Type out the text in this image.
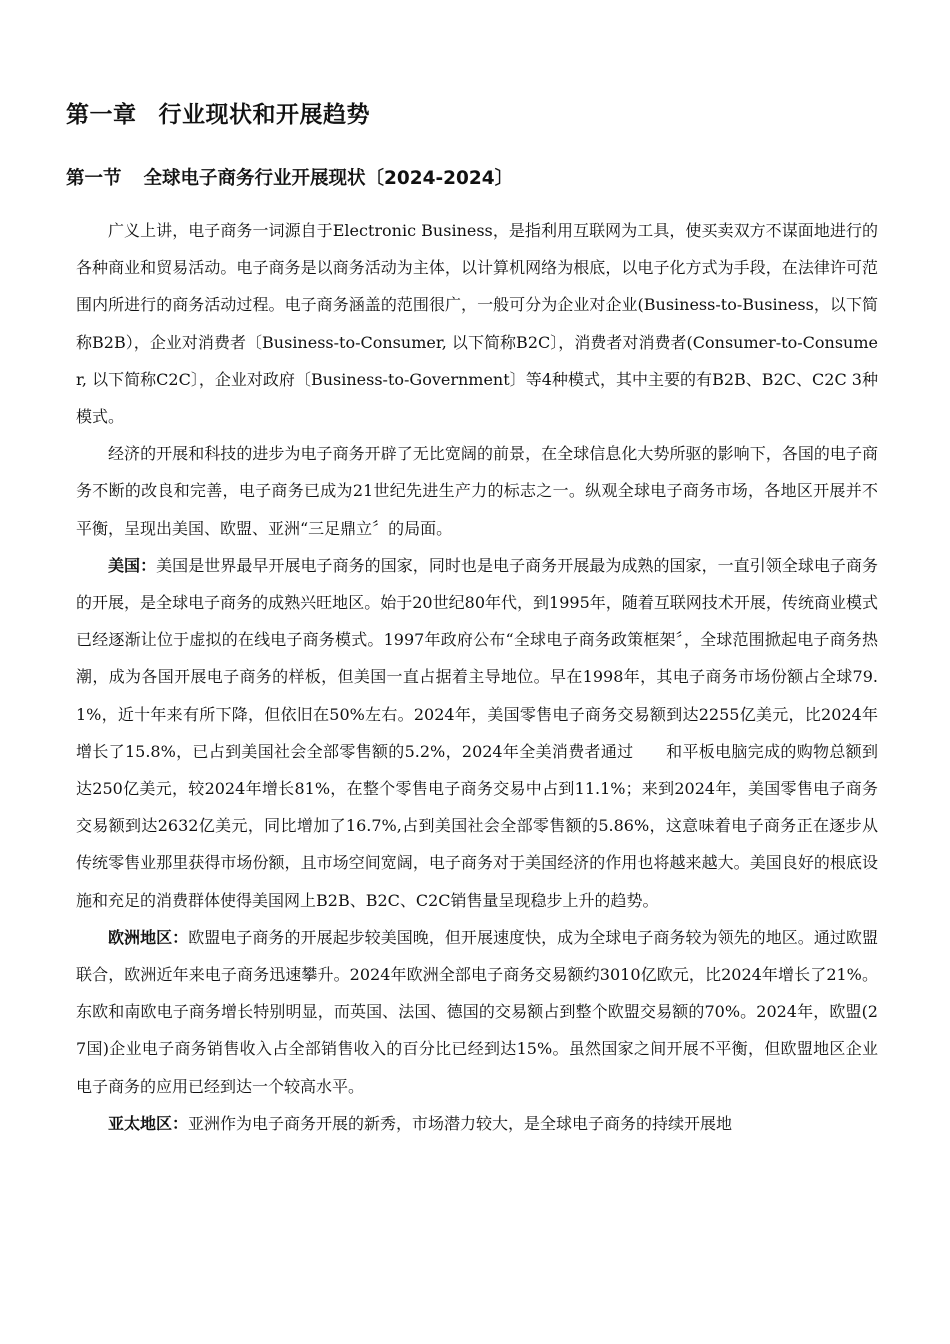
第一章 行业现状和开展趋势
第一节 全球电子商务行业开展现状〔2024-2024〕

广义上讲，电子商务一词源自于Electronic Business，是指利用互联网为工具，使买卖双方不谋面地进行的各种商业和贸易活动。电子商务是以商务活动为主体，以计算机网络为根底，以电子化方式为手段，在法律许可范围内所进行的商务活动过程。电子商务涵盖的范围很广，一般可分为企业对企业(Business-to-Business，以下简称B2B），企业对消费者〔Business-to-Consumer, 以下简称B2C〕，消费者对消费者(Consumer-to-Consumer, 以下简称C2C〕，企业对政府〔Business-to-Government〕等4种模式，其中主要的有B2B、B2C、C2C 3种模式。

经济的开展和科技的进步为电子商务开辟了无比宽阔的前景，在全球信息化大势所驱的影响下，各国的电子商务不断的改良和完善，电子商务已成为21世纪先进生产力的标志之一。纵观全球电子商务市场，各地区开展并不平衡，呈现出美国、欧盟、亚洲“三足鼎立〞的局面。

美国：美国是世界最早开展电子商务的国家，同时也是电子商务开展最为成熟的国家，一直引领全球电子商务的开展，是全球电子商务的成熟兴旺地区。始于20世纪80年代，到1995年，随着互联网技术开展，传统商业模式已经逐渐让位于虚拟的在线电子商务模式。1997年政府公布“全球电子商务政策框架〞，全球范围掀起电子商务热潮，成为各国开展电子商务的样板，但美国一直占据着主导地位。早在1998年，其电子商务市场份额占全球79.1%，近十年来有所下降，但依旧在50%左右。2024年，美国零售电子商务交易额到达2255亿美元，比2024年增长了15.8%，已占到美国社会全部零售额的5.2%，2024年全美消费者通过　　和平板电脑完成的购物总额到达250亿美元，较2024年增长81%，在整个零售电子商务交易中占到11.1%；来到2024年，美国零售电子商务交易额到达2632亿美元，同比增加了16.7%,占到美国社会全部零售额的5.86%，这意味着电子商务正在逐步从传统零售业那里获得市场份额，且市场空间宽阔，电子商务对于美国经济的作用也将越来越大。美国良好的根底设施和充足的消费群体使得美国网上B2B、B2C、C2C销售量呈现稳步上升的趋势。

欧洲地区：欧盟电子商务的开展起步较美国晚，但开展速度快，成为全球电子商务较为领先的地区。通过欧盟联合，欧洲近年来电子商务迅速攀升。2024年欧洲全部电子商务交易额约3010亿欧元，比2024年增长了21%。东欧和南欧电子商务增长特别明显，而英国、法国、德国的交易额占到整个欧盟交易额的70%。2024年，欧盟(27国)企业电子商务销售收入占全部销售收入的百分比已经到达15%。虽然国家之间开展不平衡，但欧盟地区企业电子商务的应用已经到达一个较高水平。

亚太地区：亚洲作为电子商务开展的新秀，市场潜力较大，是全球电子商务的持续开展地
